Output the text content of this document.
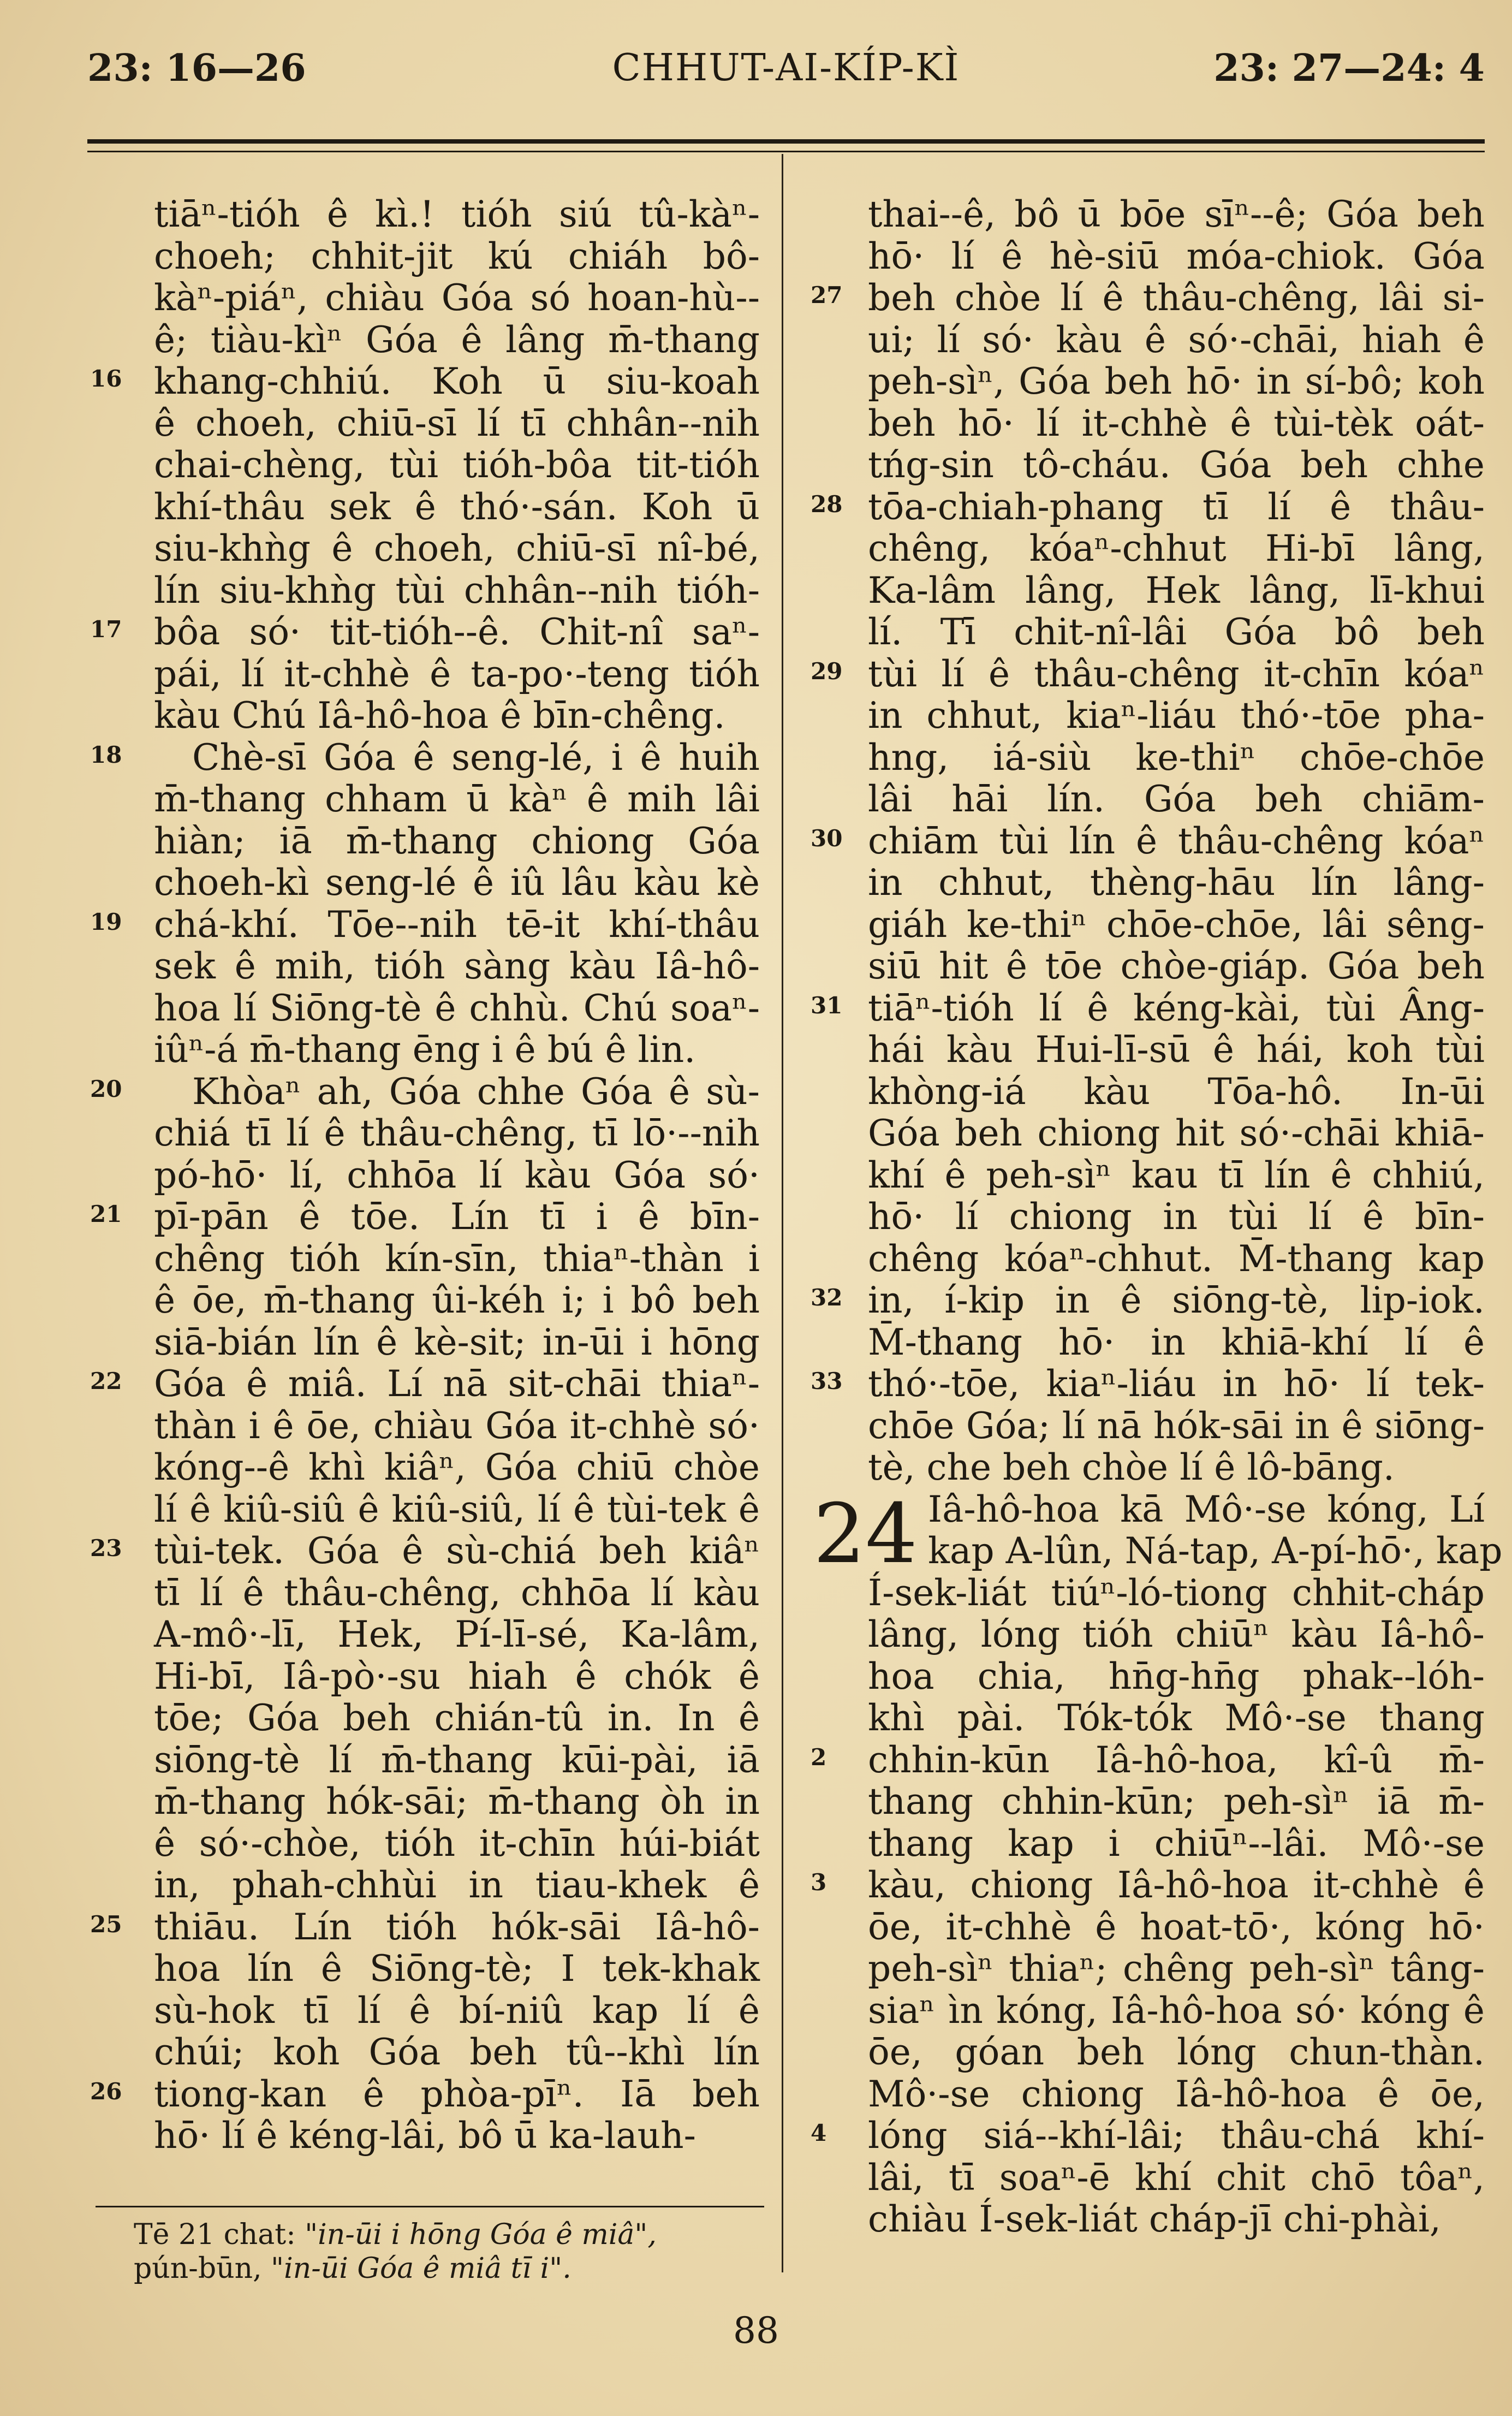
23: 16—26	CHHUT-AI-KÍP-KÌ	23: 27—24: 4

tiāⁿ-tióh ê kì.! tióh siú tû-kàⁿ-

choeh; chhit-jit kú chiáh bô-

kàⁿ-piáⁿ, chiàu Góa só hoan-hù--

ê; tiàu-kìⁿ Góa ê lâng m̄-thang

khang-chhiú. Koh ū siu-koah

ê choeh, chiū-sī lí tī chhân--nih

chai-chèng, tùi tióh-bôa tit-tióh

khí-thâu sek ê thó·-sán. Koh ū

siu-khǹg ê choeh, chiū-sī nî-bé,

lín siu-khǹg tùi chhân--nih tióh-

bôa só· tit-tióh--ê. Chit-nî saⁿ-

pái, lí it-chhè ê ta-po·-teng tióh

kàu Chú Iâ-hô-hoa ê bīn-chêng.

Chè-sī Góa ê seng-lé, i ê huih

m̄-thang chham ū kàⁿ ê mih lâi

hiàn; iā m̄-thang chiong Góa

choeh-kì seng-lé ê iû lâu kàu kè

chá-khí. Tōe--nih tē-it khí-thâu

sek ê mih, tióh sàng kàu Iâ-hô-

hoa lí Siōng-tè ê chhù. Chú soaⁿ-

iûⁿ-á m̄-thang ēng i ê bú ê lin.

Khòaⁿ ah, Góa chhe Góa ê sù-

chiá tī lí ê thâu-chêng, tī lō·--nih

pó-hō· lí, chhōa lí kàu Góa só·

pī-pān ê tōe. Lín tī i ê bīn-

chêng tióh kín-sīn, thiaⁿ-thàn i

ê ōe, m̄-thang ûi-kéh i; i bô beh

siā-bián lín ê kè-sit; in-ūi i hōng

Góa ê miâ. Lí nā sit-chāi thiaⁿ-

thàn i ê ōe, chiàu Góa it-chhè só·

kóng--ê khì kiâⁿ, Góa chiū chòe

lí ê kiû-siû ê kiû-siû, lí ê tùi-tek ê

tùi-tek. Góa ê sù-chiá beh kiâⁿ

tī lí ê thâu-chêng, chhōa lí kàu

A-mô·-lī, Hek, Pí-lī-sé, Ka-lâm,

Hi-bī, Iâ-pò·-su hiah ê chók ê

tōe; Góa beh chián-tû in. In ê

siōng-tè lí m̄-thang kūi-pài, iā

m̄-thang hók-sāi; m̄-thang òh in

ê só·-chòe, tióh it-chīn húi-biát

in, phah-chhùi in tiau-khek ê

thiāu. Lín tióh hók-sāi Iâ-hô-

hoa lín ê Siōng-tè; I tek-khak

sù-hok tī lí ê bí-niû kap lí ê

chúi; koh Góa beh tû--khì lín

tiong-kan ê phòa-pīⁿ. Iā beh

hō· lí ê kéng-lâi, bô ū ka-lauh-

16
17
18
19
20
21
22
23
25
26

thai--ê, bô ū bōe sīⁿ--ê; Góa beh

hō· lí ê hè-siū móa-chiok. Góa

beh chòe lí ê thâu-chêng, lâi si-

ui; lí só· kàu ê só·-chāi, hiah ê

peh-sìⁿ, Góa beh hō· in sí-bô; koh

beh hō· lí it-chhè ê tùi-tèk oát-

tńg-sin tô-cháu. Góa beh chhe

tōa-chiah-phang tī lí ê thâu-

chêng, kóaⁿ-chhut Hi-bī lâng,

Ka-lâm lâng, Hek lâng, lī-khui

lí. Tī chit-nî-lâi Góa bô beh

tùi lí ê thâu-chêng it-chīn kóaⁿ

in chhut, kiaⁿ-liáu thó·-tōe pha-

hng, iá-siù ke-thiⁿ chōe-chōe

lâi hāi lín. Góa beh chiām-

chiām tùi lín ê thâu-chêng kóaⁿ

in chhut, thèng-hāu lín lâng-

giáh ke-thiⁿ chōe-chōe, lâi sêng-

siū hit ê tōe chòe-giáp. Góa beh

tiāⁿ-tióh lí ê kéng-kài, tùi Âng-

hái kàu Hui-lī-sū ê hái, koh tùi

khòng-iá kàu Tōa-hô. In-ūi

Góa beh chiong hit só·-chāi khiā-

khí ê peh-sìⁿ kau tī lín ê chhiú,

hō· lí chiong in tùi lí ê bīn-

chêng kóaⁿ-chhut. M̄-thang kap

in, í-kip in ê siōng-tè, lip-iok.

M̄-thang hō· in khiā-khí lí ê

thó·-tōe, kiaⁿ-liáu in hō· lí tek-

chōe Góa; lí nā hók-sāi in ê siōng-

tè, che beh chòe lí ê lô-bāng.

Iâ-hô-hoa kā Mô·-se kóng, Lí

kap A-lûn, Ná-tap, A-pí-hō·, kap

Í-sek-liát tiúⁿ-ló-tiong chhit-cháp

lâng, lóng tióh chiūⁿ kàu Iâ-hô-

hoa chia, hn̄g-hn̄g phak--lóh-

khì pài. Tók-tók Mô·-se thang

chhin-kūn Iâ-hô-hoa, kî-û m̄-

thang chhin-kūn; peh-sìⁿ iā m̄-

thang kap i chiūⁿ--lâi. Mô·-se

kàu, chiong Iâ-hô-hoa it-chhè ê

ōe, it-chhè ê hoat-tō·, kóng hō·

peh-sìⁿ thiaⁿ; chêng peh-sìⁿ tâng-

siaⁿ ìn kóng, Iâ-hô-hoa só· kóng ê

ōe, góan beh lóng chun-thàn.

Mô·-se chiong Iâ-hô-hoa ê ōe,

lóng siá--khí-lâi; thâu-chá khí-

lâi, tī soaⁿ-ē khí chit chō tôaⁿ,

chiàu Í-sek-liát cháp-jī chi-phài,

27
28
29
30
31
32
33
2
3
4
24

Tē 21 chat: "in-ūi i hōng Góa ê miâ",

pún-būn, "in-ūi Góa ê miâ tī i".

88
